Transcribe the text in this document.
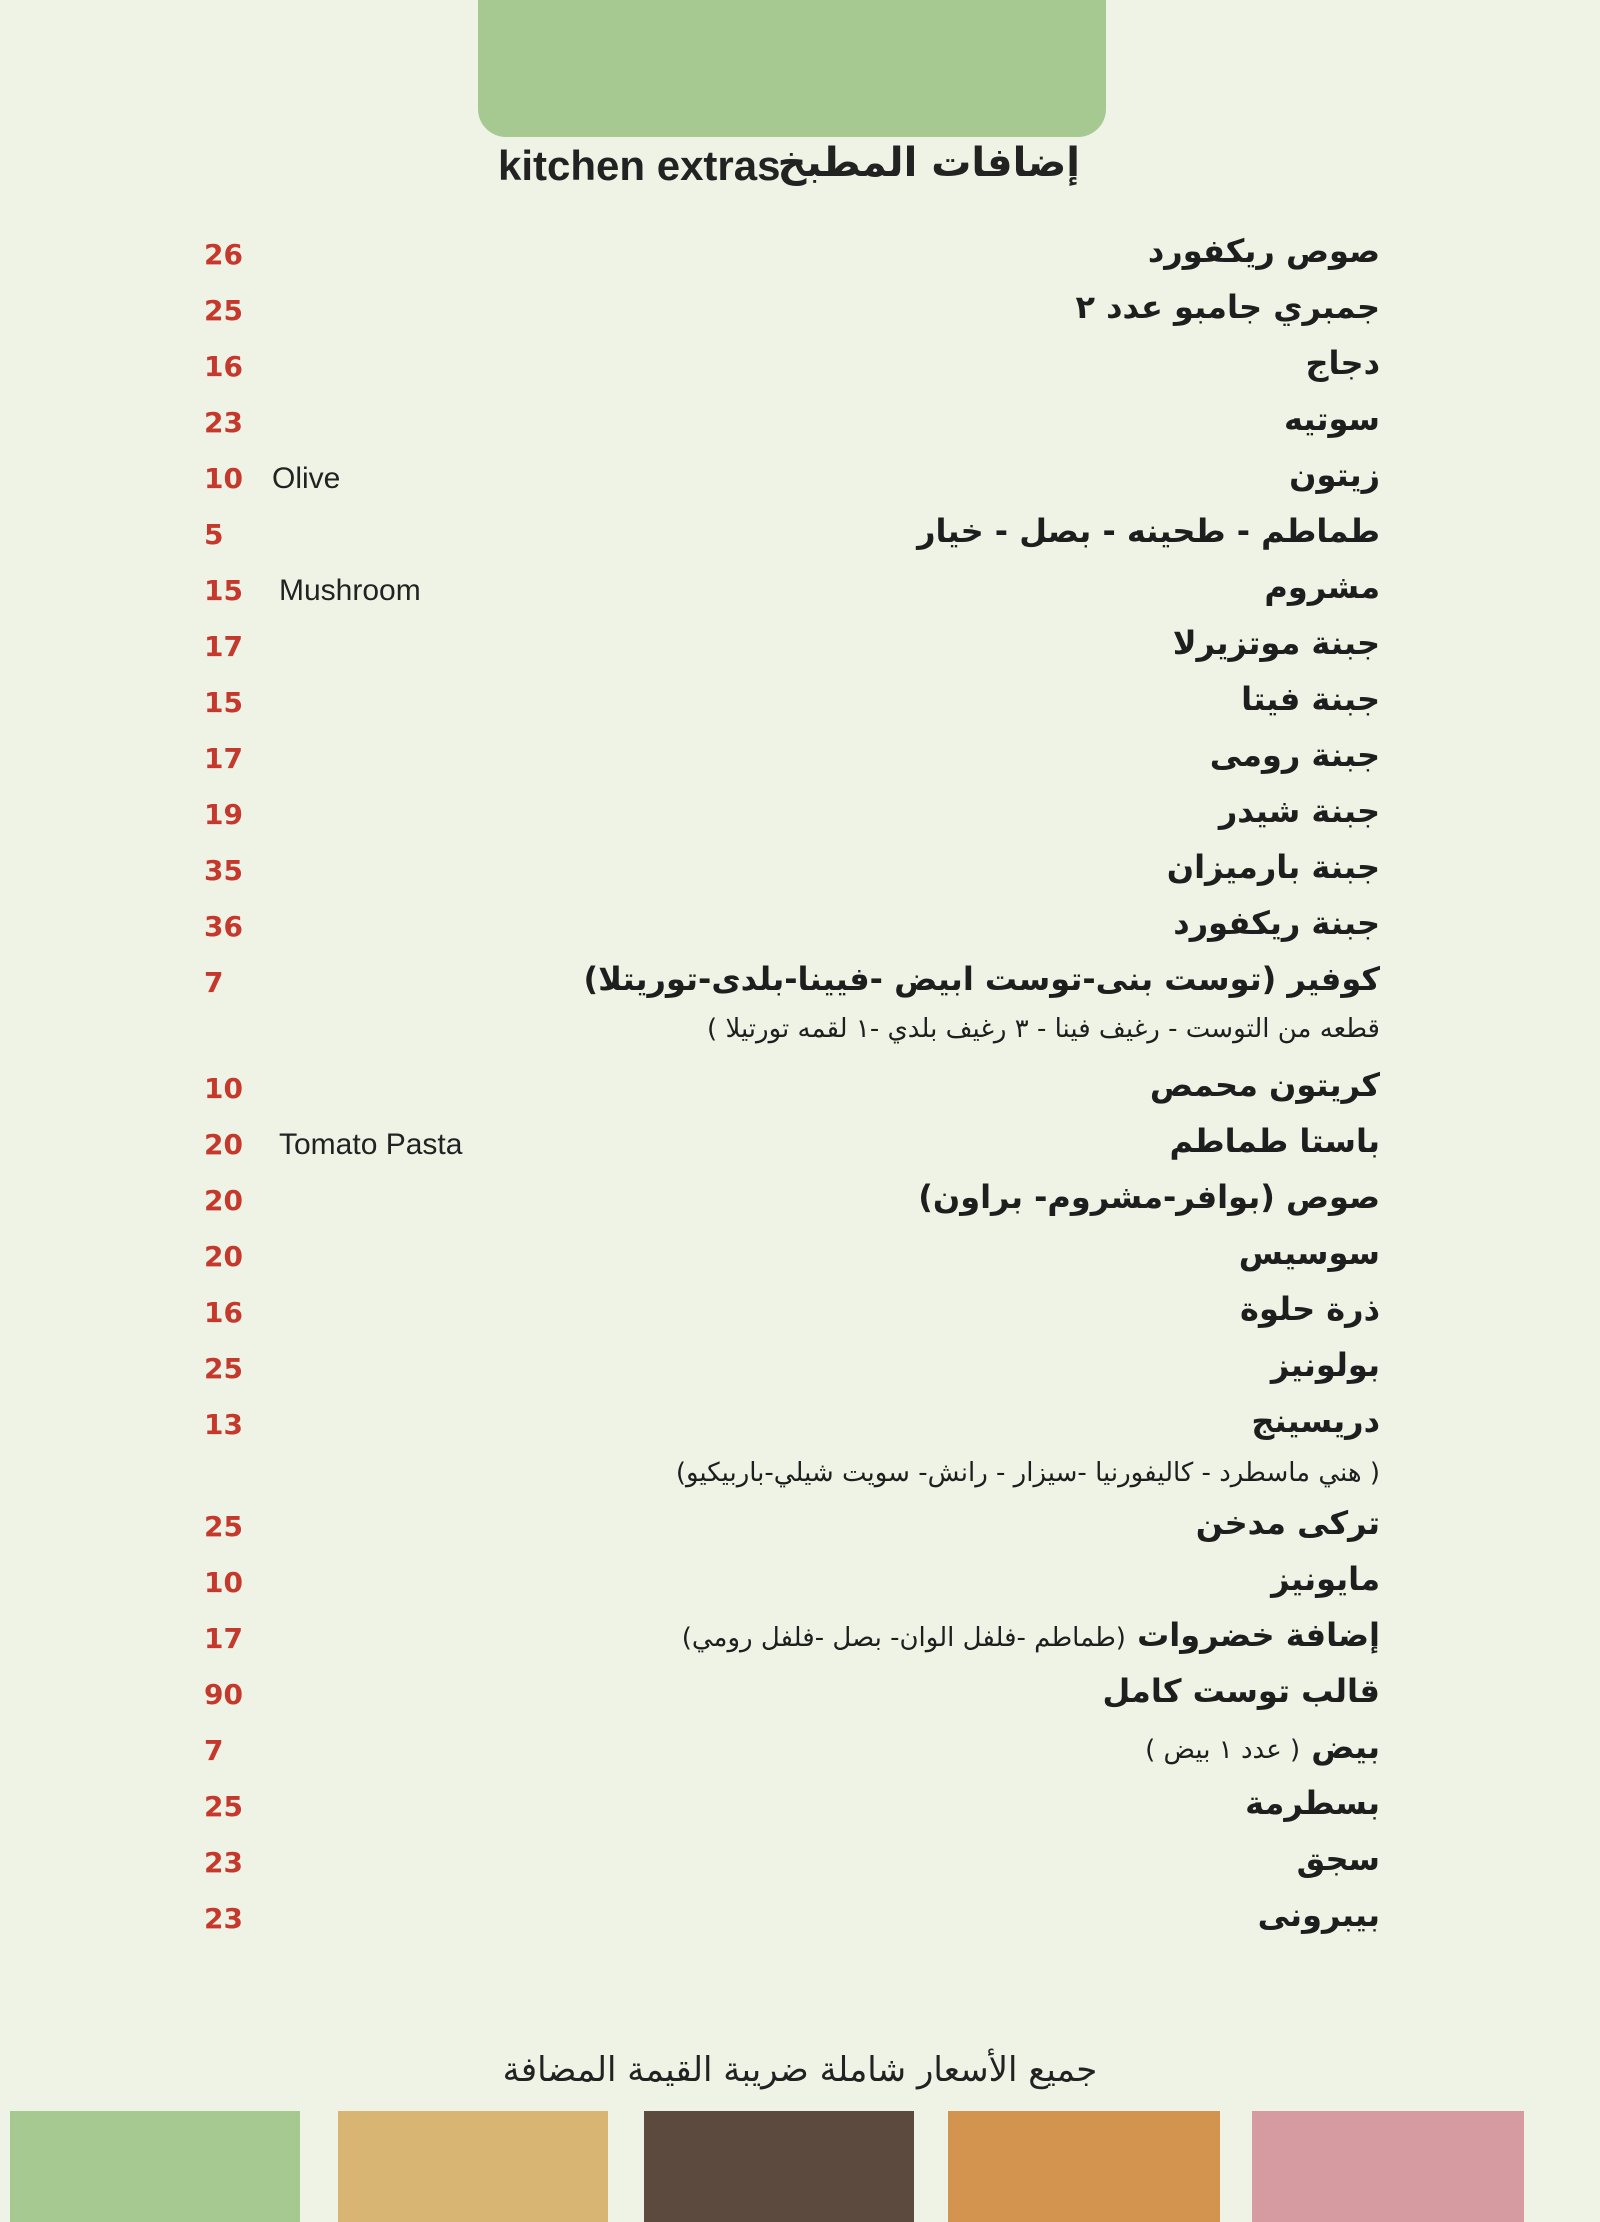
kitchen extras
إضافات المطبخ
26	صوص ريكفورد
25	جمبري جامبو عدد ٢
16	دجاج
23	سوتيه
10 Olive	زيتون
5	طماطم - طحينه - بصل - خيار
15 Mushroom	مشروم
17	جبنة موتزيرلا
15	جبنة فيتا
17	جبنة رومى
19	جبنة شيدر
35	جبنة بارميزان
36	جبنة ريكفورد
7	كوفير (توست بنى-توست ابيض -فيينا-بلدى-توريتلا)
قطعه من التوست - رغيف فينا - ٣ رغيف بلدي -١ لقمه تورتيلا )
10	كريتون محمص
20 Tomato Pasta	باستا طماطم
20	صوص (بوافر-مشروم- براون)
20	سوسيس
16	ذرة حلوة
25	بولونيز
13	دريسينج
( هني ماسطرد - كاليفورنيا -سيزار - رانش- سويت شيلي-باربيكيو)
25	تركى مدخن
10	مايونيز
17	إضافة خضروات (طماطم -فلفل الوان- بصل -فلفل رومي)
90	قالب توست كامل
7	بيض ( عدد ١ بيض )
25	بسطرمة
23	سجق
23	بيبرونى
جميع الأسعار شاملة ضريبة القيمة المضافة
